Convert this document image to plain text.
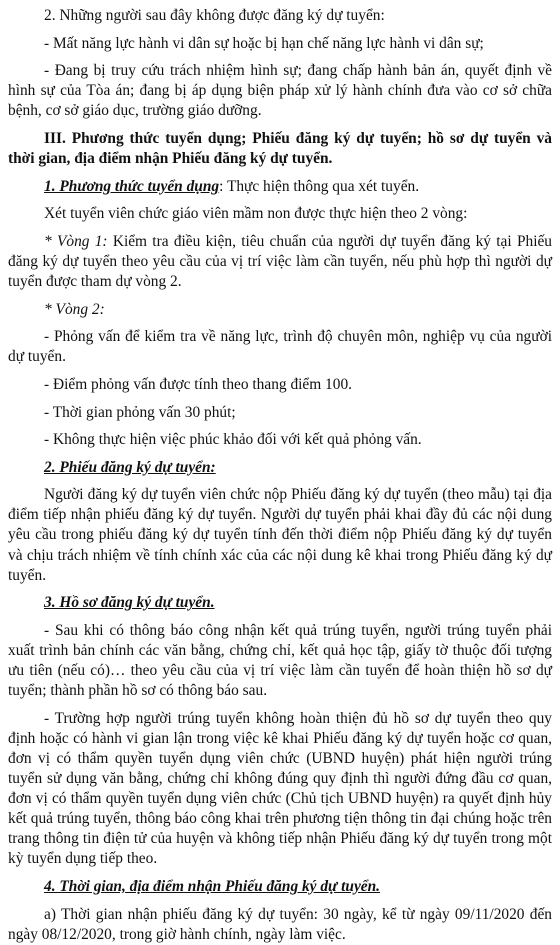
2. Những người sau đây không được đăng ký dự tuyển:

- Mất năng lực hành vi dân sự hoặc bị hạn chế năng lực hành vi dân sự;

- Đang bị truy cứu trách nhiệm hình sự; đang chấp hành bản án, quyết định về hình sự của Tòa án; đang bị áp dụng biện pháp xử lý hành chính đưa vào cơ sở chữa bệnh, cơ sở giáo dục, trường giáo dưỡng.

III. Phương thức tuyển dụng; Phiếu đăng ký dự tuyển; hồ sơ dự tuyển và thời gian, địa điểm nhận Phiếu đăng ký dự tuyển.

1. Phương thức tuyển dụng: Thực hiện thông qua xét tuyển.

Xét tuyển viên chức giáo viên mầm non được thực hiện theo 2 vòng:

* Vòng 1: Kiểm tra điều kiện, tiêu chuẩn của người dự tuyển đăng ký tại Phiếu đăng ký dự tuyển theo yêu cầu của vị trí việc làm cần tuyển, nếu phù hợp thì người dự tuyển được tham dự vòng 2.

* Vòng 2:

- Phỏng vấn để kiểm tra về năng lực, trình độ chuyên môn, nghiệp vụ của người dự tuyển.

- Điểm phỏng vấn được tính theo thang điểm 100.

- Thời gian phỏng vấn 30 phút;

- Không thực hiện việc phúc khảo đối với kết quả phỏng vấn.

2. Phiếu đăng ký dự tuyển:

Người đăng ký dự tuyển viên chức nộp Phiếu đăng ký dự tuyển (theo mẫu) tại địa điểm tiếp nhận phiếu đăng ký dự tuyển. Người dự tuyển phải khai đầy đủ các nội dung yêu cầu trong phiếu đăng ký dự tuyển tính đến thời điểm nộp Phiếu đăng ký dự tuyển và chịu trách nhiệm về tính chính xác của các nội dung kê khai trong Phiếu đăng ký dự tuyển.

3. Hồ sơ đăng ký dự tuyển.

- Sau khi có thông báo công nhận kết quả trúng tuyển, người trúng tuyển phải xuất trình bản chính các văn bằng, chứng chỉ, kết quả học tập, giấy tờ thuộc đối tượng ưu tiên (nếu có)… theo yêu cầu của vị trí việc làm cần tuyển để hoàn thiện hồ sơ dự tuyển; thành phần hồ sơ có thông báo sau.

- Trường hợp người trúng tuyển không hoàn thiện đủ hồ sơ dự tuyển theo quy định hoặc có hành vi gian lận trong việc kê khai Phiếu đăng ký dự tuyển hoặc cơ quan, đơn vị có thẩm quyền tuyển dụng viên chức (UBND huyện) phát hiện người trúng tuyển sử dụng văn bằng, chứng chỉ không đúng quy định thì người đứng đầu cơ quan, đơn vị có thẩm quyền tuyển dụng viên chức (Chủ tịch UBND huyện) ra quyết định hủy kết quả trúng tuyển, thông báo công khai trên phương tiện thông tin đại chúng hoặc trên trang thông tin điện tử của huyện và không tiếp nhận Phiếu đăng ký dự tuyển trong một kỳ tuyển dụng tiếp theo.

4. Thời gian, địa điểm nhận Phiếu đăng ký dự tuyển.

a) Thời gian nhận phiếu đăng ký dự tuyển: 30 ngày, kể từ ngày 09/11/2020 đến ngày 08/12/2020, trong giờ hành chính, ngày làm việc.
